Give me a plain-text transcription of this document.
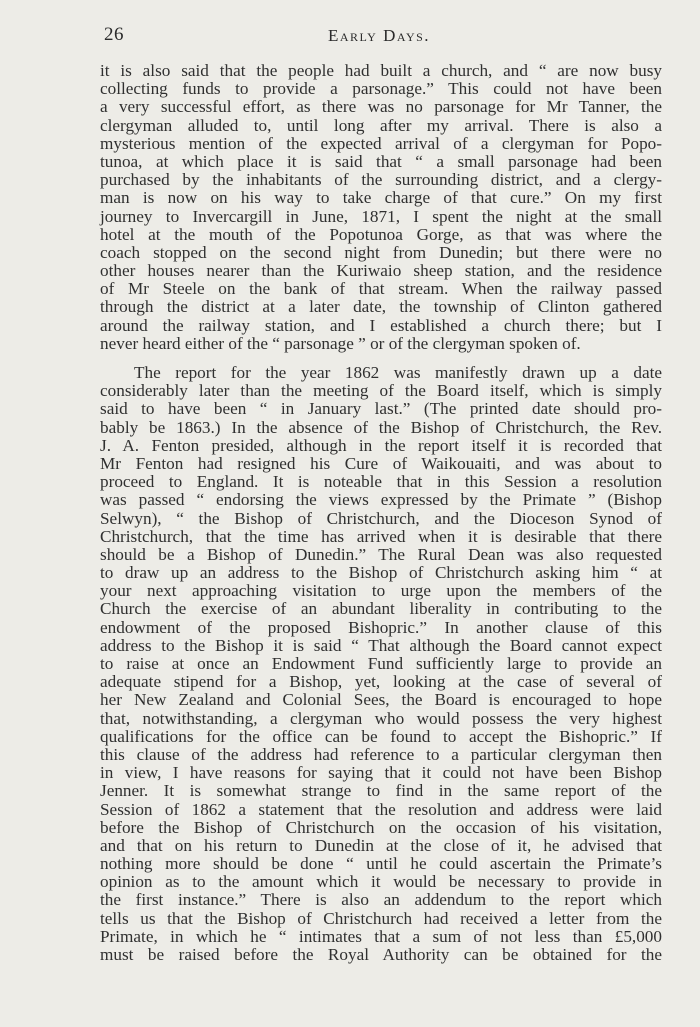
26	Early Days.

it is also said that the people had built a church, and “ are now busy
collecting funds to provide a parsonage.” This could not have been
a very successful effort, as there was no parsonage for Mr Tanner, the
clergyman alluded to, until long after my arrival. There is also a
mysterious mention of the expected arrival of a clergyman for Popo-
tunoa, at which place it is said that “ a small parsonage had been
purchased by the inhabitants of the surrounding district, and a clergy-
man is now on his way to take charge of that cure.” On my first
journey to Invercargill in June, 1871, I spent the night at the small
hotel at the mouth of the Popotunoa Gorge, as that was where the
coach stopped on the second night from Dunedin; but there were no
other houses nearer than the Kuriwaio sheep station, and the residence
of Mr Steele on the bank of that stream. When the railway passed
through the district at a later date, the township of Clinton gathered
around the railway station, and I established a church there; but I
never heard either of the “ parsonage ” or of the clergyman spoken of.

The report for the year 1862 was manifestly drawn up a date
considerably later than the meeting of the Board itself, which is simply
said to have been “ in January last.” (The printed date should pro-
bably be 1863.) In the absence of the Bishop of Christchurch, the Rev.
J. A. Fenton presided, although in the report itself it is recorded that
Mr Fenton had resigned his Cure of Waikouaiti, and was about to
proceed to England. It is noteable that in this Session a resolution
was passed “ endorsing the views expressed by the Primate ” (Bishop
Selwyn), “ the Bishop of Christchurch, and the Dioceson Synod of
Christchurch, that the time has arrived when it is desirable that there
should be a Bishop of Dunedin.” The Rural Dean was also requested
to draw up an address to the Bishop of Christchurch asking him “ at
your next approaching visitation to urge upon the members of the
Church the exercise of an abundant liberality in contributing to the
endowment of the proposed Bishopric.” In another clause of this
address to the Bishop it is said “ That although the Board cannot expect
to raise at once an Endowment Fund sufficiently large to provide an
adequate stipend for a Bishop, yet, looking at the case of several of
her New Zealand and Colonial Sees, the Board is encouraged to hope
that, notwithstanding, a clergyman who would possess the very highest
qualifications for the office can be found to accept the Bishopric.” If
this clause of the address had reference to a particular clergyman then
in view, I have reasons for saying that it could not have been Bishop
Jenner. It is somewhat strange to find in the same report of the
Session of 1862 a statement that the resolution and address were laid
before the Bishop of Christchurch on the occasion of his visitation,
and that on his return to Dunedin at the close of it, he advised that
nothing more should be done “ until he could ascertain the Primate’s
opinion as to the amount which it would be necessary to provide in
the first instance.” There is also an addendum to the report which
tells us that the Bishop of Christchurch had received a letter from the
Primate, in which he “ intimates that a sum of not less than £5,000
must be raised before the Royal Authority can be obtained for the
